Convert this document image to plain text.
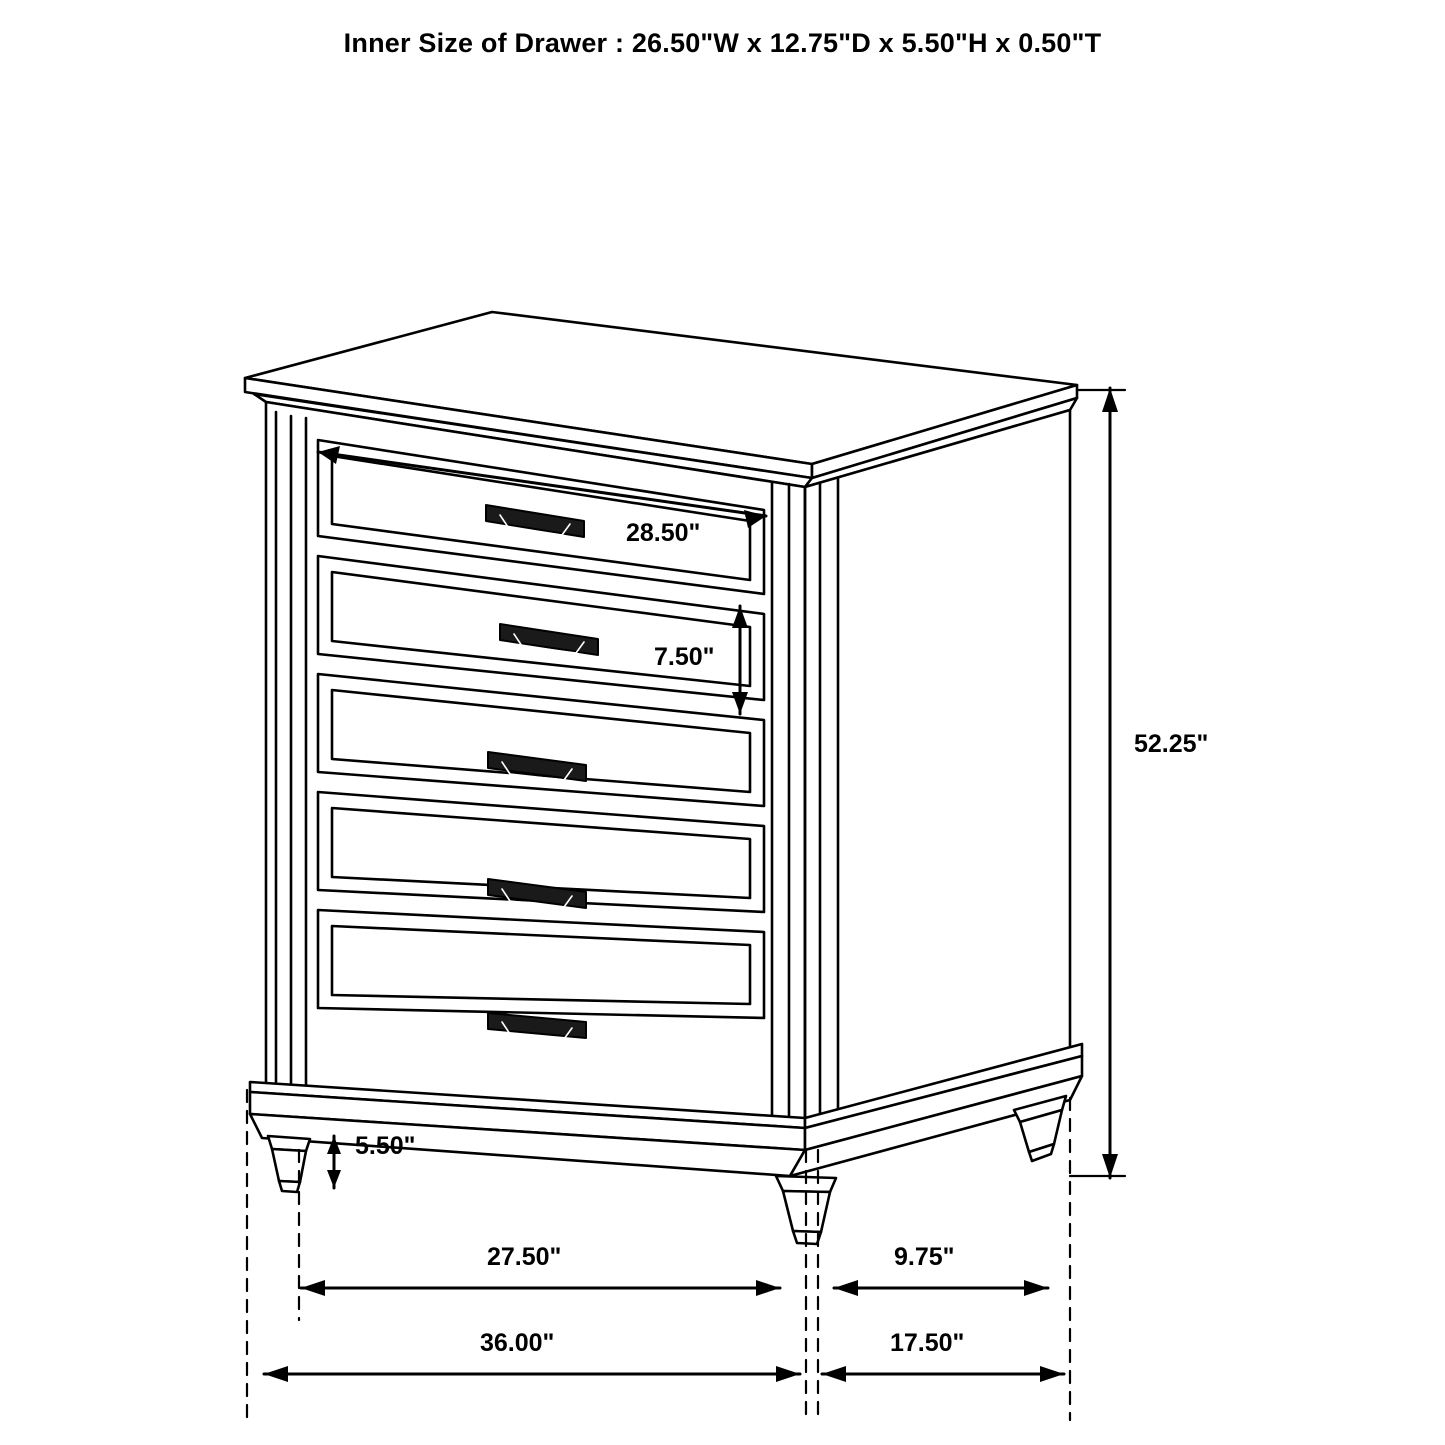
Inner Size of Drawer : 26.50"W x 12.75"D x 5.50"H x 0.50"T
28.50"
7.50"
52.25"
5.50"
27.50"	9.75"
36.00"	17.50"
